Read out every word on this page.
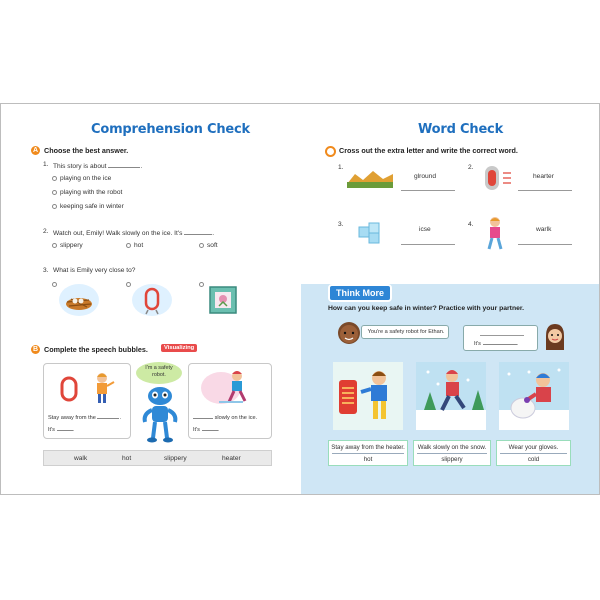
Comprehension Check
A Choose the best answer.
1. This story is about	.
playing on the ice
playing with the robot
keeping safe in winter
2. Watch out, Emily! Walk slowly on the ice. It's	.
slippery	hot	soft
3. What is Emily very close to?
B Complete the speech bubbles.	Visualizing
Stay away from the	.
It's	.
I'm a safety robot.
slowly on the ice.
It's	.
walk	hot	slippery	heater
Word Check
Cross out the extra letter and write the correct word.
1.
glround
2.
hearter
3.
icse
4.
warlk
Think More
How can you keep safe in winter? Practice with your partner.
You're a safety robot for Ethan.
It's	.
Stay away from the heater.
hot
Walk slowly on the snow.
slippery
Wear your gloves.
cold
